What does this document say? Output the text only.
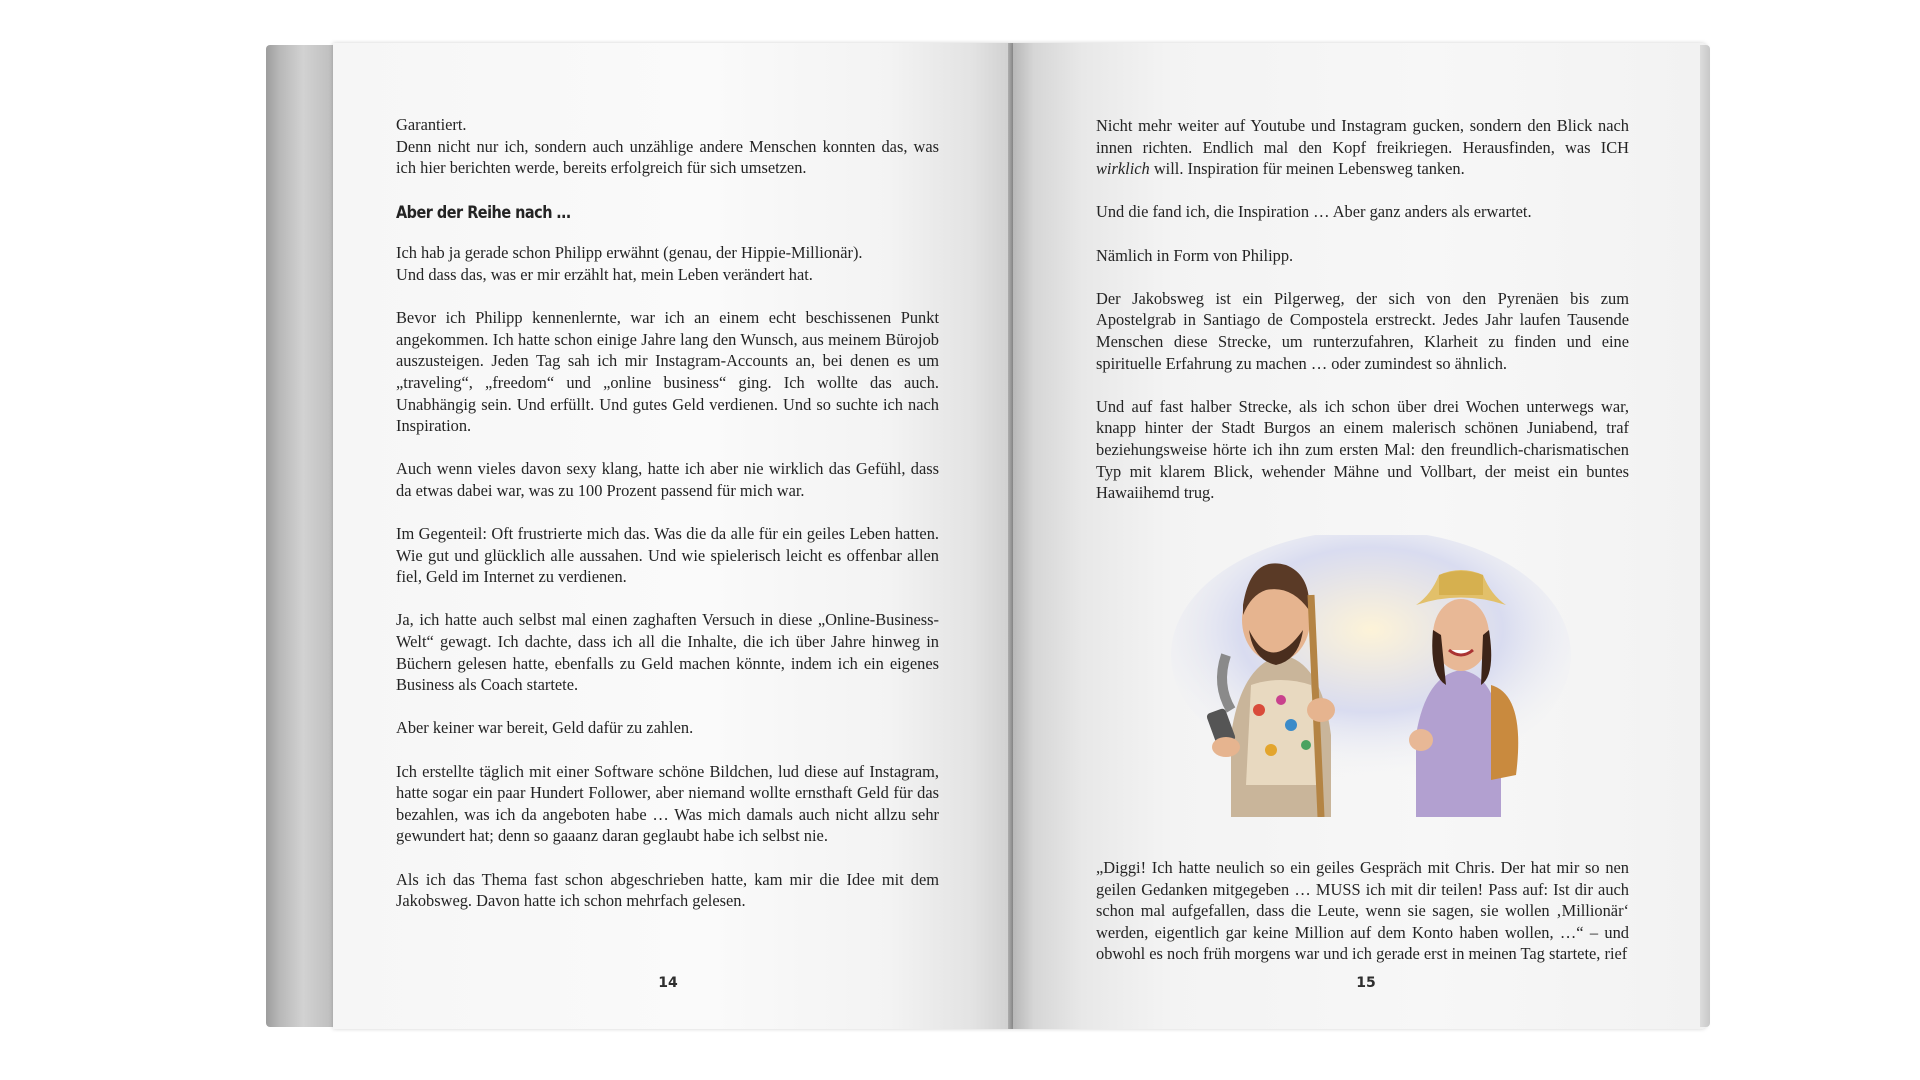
Garantiert.

Denn nicht nur ich, sondern auch unzählige andere Menschen konnten das, was ich hier berichten werde, bereits erfolgreich für sich umsetzen.

Aber der Reihe nach …

Ich hab ja gerade schon Philipp erwähnt (genau, der Hippie-Millionär).

Und dass das, was er mir erzählt hat, mein Leben verändert hat.

Bevor ich Philipp kennenlernte, war ich an einem echt beschissenen Punkt angekommen. Ich hatte schon einige Jahre lang den Wunsch, aus meinem Bürojob auszusteigen. Jeden Tag sah ich mir Instagram-Accounts an, bei denen es um „traveling“, „freedom“ und „online business“ ging. Ich wollte das auch. Unabhängig sein. Und erfüllt. Und gutes Geld verdienen. Und so suchte ich nach Inspiration.

Auch wenn vieles davon sexy klang, hatte ich aber nie wirklich das Gefühl, dass da etwas dabei war, was zu 100 Prozent passend für mich war.

Im Gegenteil: Oft frustrierte mich das. Was die da alle für ein geiles Leben hatten. Wie gut und glücklich alle aussahen. Und wie spielerisch leicht es offenbar allen fiel, Geld im Internet zu verdienen.

Ja, ich hatte auch selbst mal einen zaghaften Versuch in diese „Online-Business-Welt“ gewagt. Ich dachte, dass ich all die Inhalte, die ich über Jahre hinweg in Büchern gelesen hatte, ebenfalls zu Geld machen könnte, indem ich ein eigenes Business als Coach startete.

Aber keiner war bereit, Geld dafür zu zahlen.

Ich erstellte täglich mit einer Software schöne Bildchen, lud diese auf Instagram, hatte sogar ein paar Hundert Follower, aber niemand wollte ernsthaft Geld für das bezahlen, was ich da angeboten habe … Was mich damals auch nicht allzu sehr gewundert hat; denn so gaaanz daran geglaubt habe ich selbst nie.

Als ich das Thema fast schon abgeschrieben hatte, kam mir die Idee mit dem Jakobsweg. Davon hatte ich schon mehrfach gelesen.

14

Nicht mehr weiter auf Youtube und Instagram gucken, sondern den Blick nach innen richten. Endlich mal den Kopf freikriegen. Herausfinden, was ICH wirklich will. Inspiration für meinen Lebensweg tanken.

Und die fand ich, die Inspiration … Aber ganz anders als erwartet.

Nämlich in Form von Philipp.

Der Jakobsweg ist ein Pilgerweg, der sich von den Pyrenäen bis zum Apostelgrab in Santiago de Compostela erstreckt. Jedes Jahr laufen Tausende Menschen diese Strecke, um runterzufahren, Klarheit zu finden und eine spirituelle Erfahrung zu machen … oder zumindest so ähnlich.

Und auf fast halber Strecke, als ich schon über drei Wochen unterwegs war, knapp hinter der Stadt Burgos an einem malerisch schönen Juniabend, traf beziehungsweise hörte ich ihn zum ersten Mal: den freundlich-charismatischen Typ mit klarem Blick, wehender Mähne und Vollbart, der meist ein buntes Hawaiihemd trug.

„Diggi! Ich hatte neulich so ein geiles Gespräch mit Chris. Der hat mir so nen geilen Gedanken mitgegeben … MUSS ich mit dir teilen! Pass auf: Ist dir auch schon mal aufgefallen, dass die Leute, wenn sie sagen, sie wollen ‚Millionär‘ werden, eigentlich gar keine Million auf dem Konto haben wollen, …“ – und obwohl es noch früh morgens war und ich gerade erst in meinen Tag startete, rief

15
